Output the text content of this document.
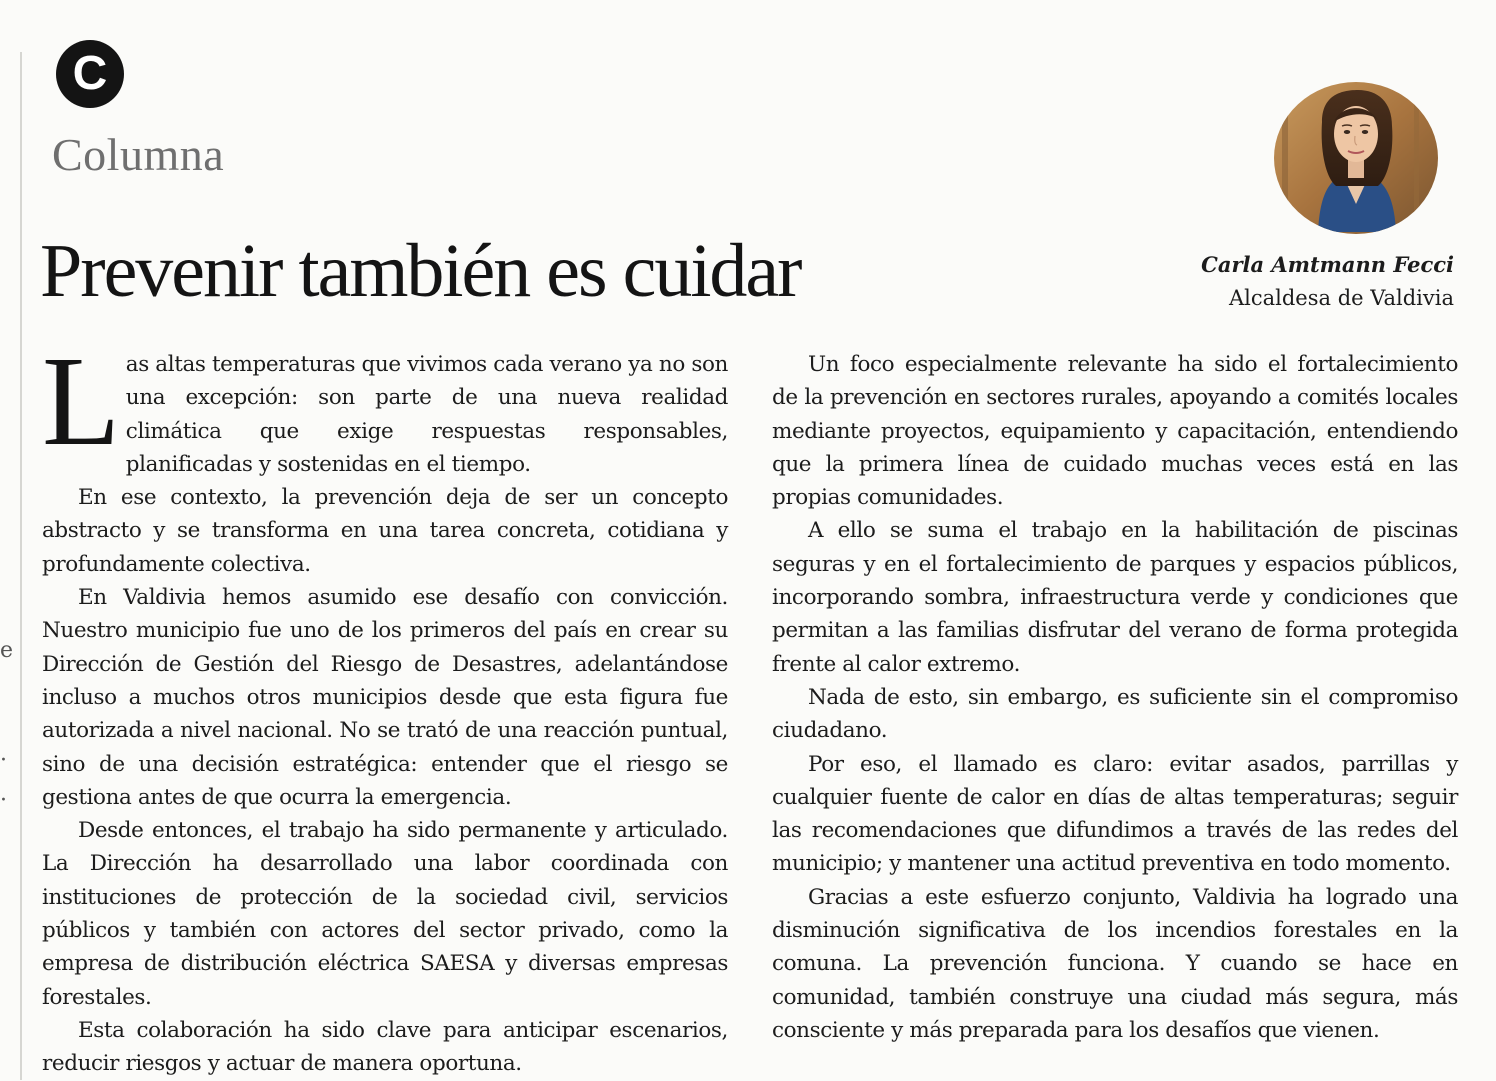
e
·
·
C
Columna
Prevenir también es cuidar	Carla Amtmann Fecci
Alcaldesa de Valdivia

Las altas temperaturas que vivimos cada verano ya no son una excepción: son parte de una nueva realidad climática que exige respuestas responsables, planificadas y sostenidas en el tiempo.

En ese contexto, la prevención deja de ser un concepto abstracto y se transforma en una tarea concreta, cotidiana y profundamente colectiva.

En Valdivia hemos asumido ese desafío con convicción. Nuestro municipio fue uno de los primeros del país en crear su Dirección de Gestión del Riesgo de Desastres, adelantándose incluso a muchos otros municipios desde que esta figura fue autorizada a nivel nacional. No se trató de una reacción puntual, sino de una decisión estratégica: entender que el riesgo se gestiona antes de que ocurra la emergencia.

Desde entonces, el trabajo ha sido permanente y articulado. La Dirección ha desarrollado una labor coordinada con instituciones de protección de la sociedad civil, servicios públicos y también con actores del sector privado, como la empresa de distribución eléctrica SAESA y diversas empresas forestales.

Esta colaboración ha sido clave para anticipar escenarios, reducir riesgos y actuar de manera oportuna.

Un foco especialmente relevante ha sido el fortalecimiento de la prevención en sectores rurales, apoyando a comités locales mediante proyectos, equipamiento y capacitación, entendiendo que la primera línea de cuidado muchas veces está en las propias comunidades.

A ello se suma el trabajo en la habilitación de piscinas seguras y en el fortalecimiento de parques y espacios públicos, incorporando sombra, infraestructura verde y condiciones que permitan a las familias disfrutar del verano de forma protegida frente al calor extremo.

Nada de esto, sin embargo, es suficiente sin el compromiso ciudadano.

Por eso, el llamado es claro: evitar asados, parrillas y cualquier fuente de calor en días de altas temperaturas; seguir las recomendaciones que difundimos a través de las redes del municipio; y mantener una actitud preventiva en todo momento.

Gracias a este esfuerzo conjunto, Valdivia ha logrado una disminución significativa de los incendios forestales en la comuna. La prevención funciona. Y cuando se hace en comunidad, también construye una ciudad más segura, más consciente y más preparada para los desafíos que vienen.
